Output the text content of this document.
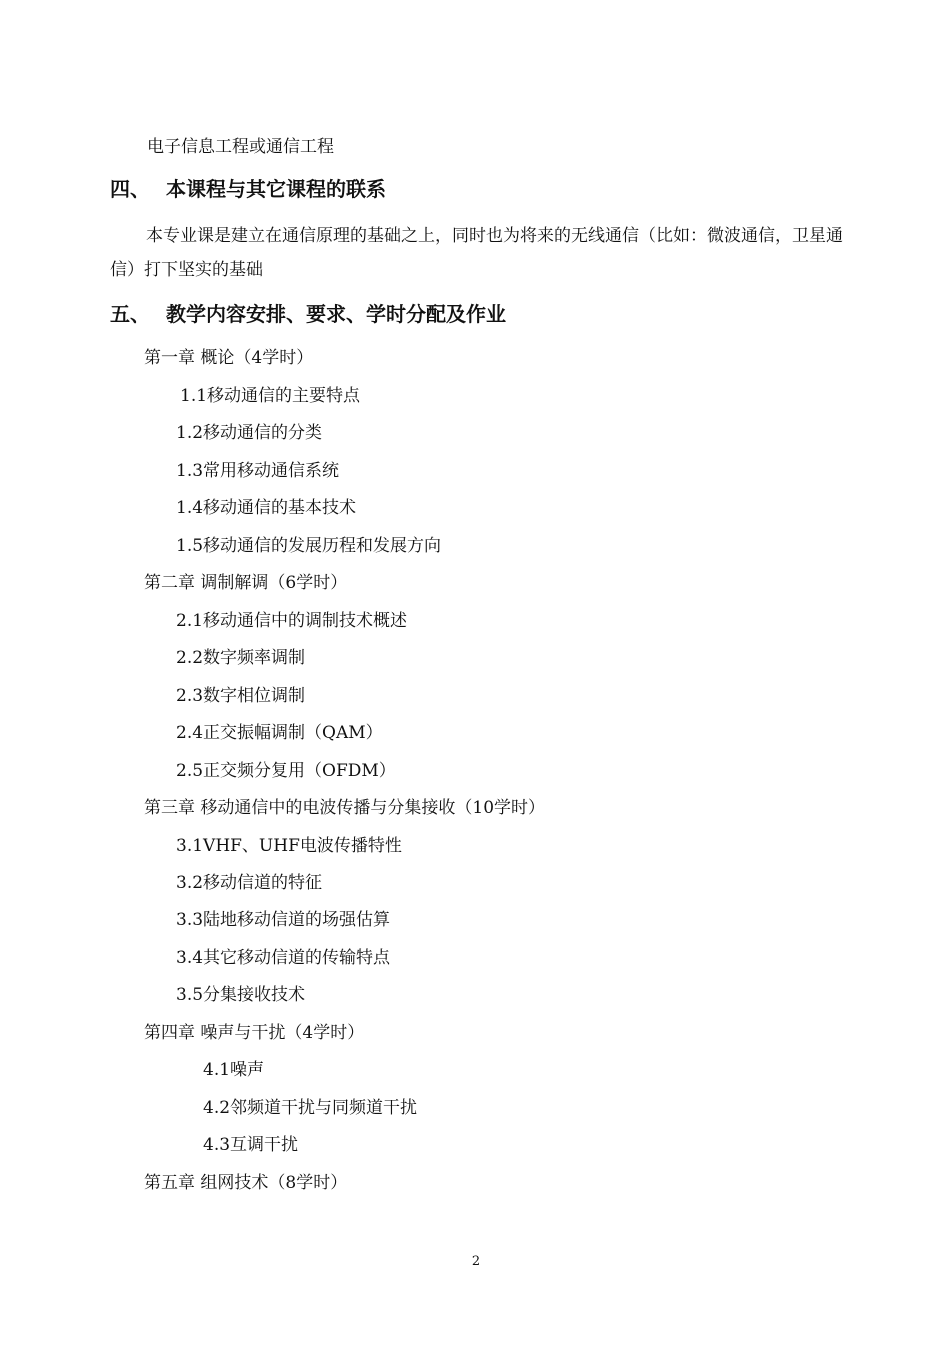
电子信息工程或通信工程
四、 本课程与其它课程的联系
本专业课是建立在通信原理的基础之上，同时也为将来的无线通信（比如：微波通信，卫星通信）打下坚实的基础
五、 教学内容安排、要求、学时分配及作业
第一章 概论（4学时）
1.1移动通信的主要特点
1.2移动通信的分类
1.3常用移动通信系统
1.4移动通信的基本技术
1.5移动通信的发展历程和发展方向
第二章 调制解调（6学时）
2.1移动通信中的调制技术概述
2.2数字频率调制
2.3数字相位调制
2.4正交振幅调制（QAM）
2.5正交频分复用（OFDM）
第三章 移动通信中的电波传播与分集接收（10学时）
3.1VHF、UHF电波传播特性
3.2移动信道的特征
3.3陆地移动信道的场强估算
3.4其它移动信道的传输特点
3.5分集接收技术
第四章 噪声与干扰（4学时）
4.1噪声
4.2邻频道干扰与同频道干扰
4.3互调干扰
第五章 组网技术（8学时）
2
